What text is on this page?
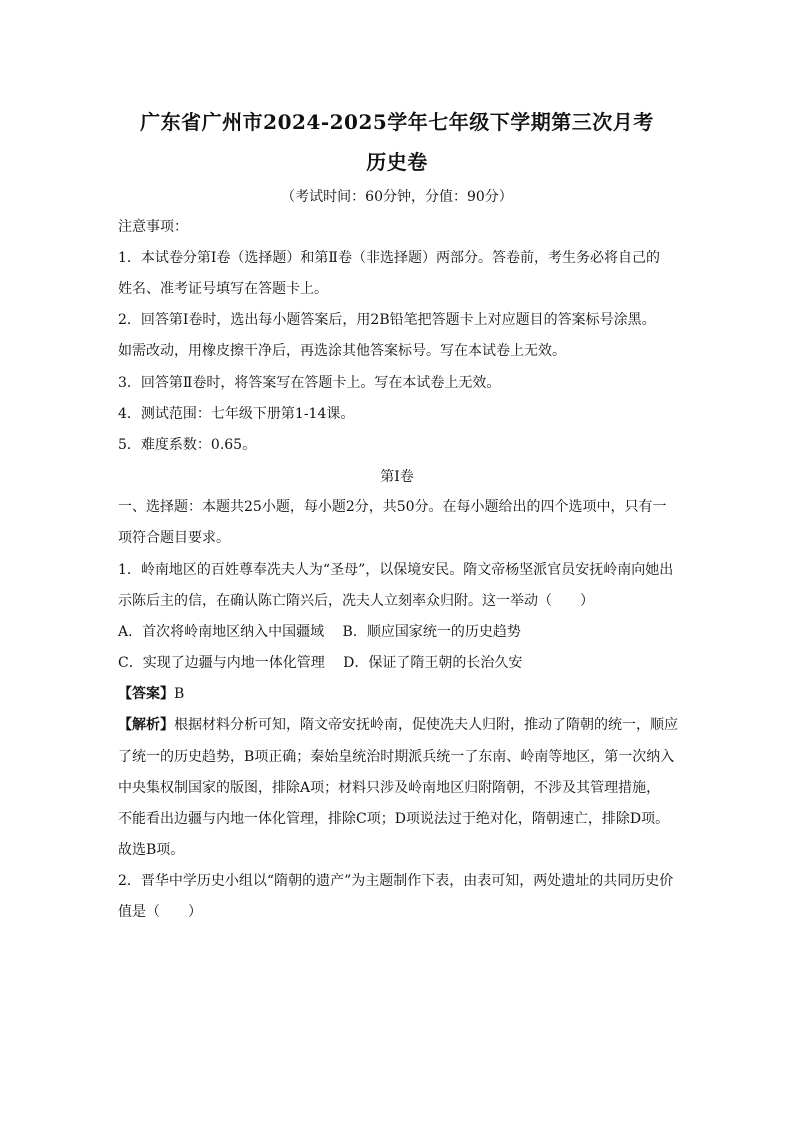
广东省广州市2024-2025学年七年级下学期第三次月考
历史卷
（考试时间：60分钟，分值：90分）
注意事项：
1．本试卷分第Ⅰ卷（选择题）和第Ⅱ卷（非选择题）两部分。答卷前，考生务必将自己的
姓名、准考证号填写在答题卡上。
2．回答第Ⅰ卷时，选出每小题答案后，用2B铅笔把答题卡上对应题目的答案标号涂黑。
如需改动，用橡皮擦干净后，再选涂其他答案标号。写在本试卷上无效。
3．回答第Ⅱ卷时，将答案写在答题卡上。写在本试卷上无效。
4．测试范围：七年级下册第1-14课。
5．难度系数：0.65。
第Ⅰ卷
一、选择题：本题共25小题，每小题2分，共50分。在每小题给出的四个选项中，只有一
项符合题目要求。
1．岭南地区的百姓尊奉冼夫人为“圣母”，以保境安民。隋文帝杨坚派官员安抚岭南向她出
示陈后主的信，在确认陈亡隋兴后，冼夫人立刻率众归附。这一举动（　　）
A．首次将岭南地区纳入中国疆域　 B．顺应国家统一的历史趋势
C．实现了边疆与内地一体化管理　 D．保证了隋王朝的长治久安
【答案】B
【解析】根据材料分析可知，隋文帝安抚岭南，促使冼夫人归附，推动了隋朝的统一，顺应
了统一的历史趋势，B项正确；秦始皇统治时期派兵统一了东南、岭南等地区，第一次纳入
中央集权制国家的版图，排除A项；材料只涉及岭南地区归附隋朝，不涉及其管理措施，
不能看出边疆与内地一体化管理，排除C项；D项说法过于绝对化，隋朝速亡，排除D项。
故选B项。
2．晋华中学历史小组以“隋朝的遗产”为主题制作下表，由表可知，两处遗址的共同历史价
值是（　　）
